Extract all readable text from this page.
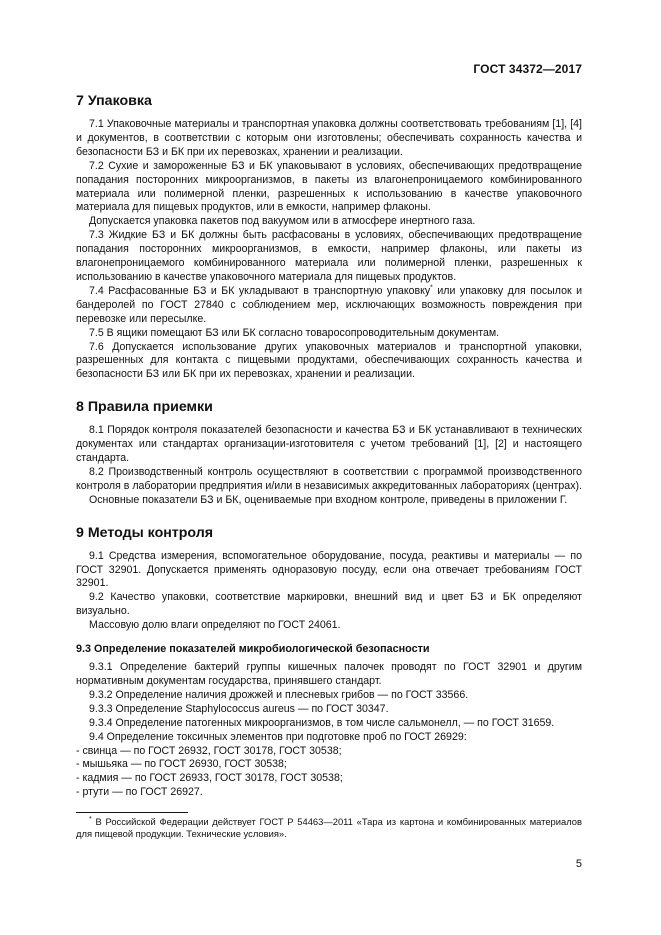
ГОСТ 34372—2017
7 Упаковка

7.1 Упаковочные материалы и транспортная упаковка должны соответствовать требованиям [1], [4] и документов, в соответствии с которым они изготовлены; обеспечивать сохранность качества и безопасности БЗ и БК при их перевозках, хранении и реализации.

7.2 Сухие и замороженные БЗ и БК упаковывают в условиях, обеспечивающих предотвращение попадания посторонних микроорганизмов, в пакеты из влагонепроницаемого комбинированного материала или полимерной пленки, разрешенных к использованию в качестве упаковочного материала для пищевых продуктов, или в емкости, например флаконы.

Допускается упаковка пакетов под вакуумом или в атмосфере инертного газа.

7.3 Жидкие БЗ и БК должны быть расфасованы в условиях, обеспечивающих предотвращение попадания посторонних микроорганизмов, в емкости, например флаконы, или пакеты из влагонепроницаемого комбинированного материала или полимерной пленки, разрешенных к использованию в качестве упаковочного материала для пищевых продуктов.

7.4 Расфасованные БЗ и БК укладывают в транспортную упаковку* или упаковку для посылок и бандеролей по ГОСТ 27840 с соблюдением мер, исключающих возможность повреждения при перевозке или пересылке.

7.5 В ящики помещают БЗ или БК согласно товаросопроводительным документам.

7.6 Допускается использование других упаковочных материалов и транспортной упаковки, разрешенных для контакта с пищевыми продуктами, обеспечивающих сохранность качества и безопасности БЗ или БК при их перевозках, хранении и реализации.

8 Правила приемки

8.1 Порядок контроля показателей безопасности и качества БЗ и БК устанавливают в технических документах или стандартах организации-изготовителя с учетом требований [1], [2] и настоящего стандарта.

8.2 Производственный контроль осуществляют в соответствии с программой производственного контроля в лаборатории предприятия и/или в независимых аккредитованных лабораториях (центрах).

Основные показатели БЗ и БК, оцениваемые при входном контроле, приведены в приложении Г.

9 Методы контроля

9.1 Средства измерения, вспомогательное оборудование, посуда, реактивы и материалы — по ГОСТ 32901. Допускается применять одноразовую посуду, если она отвечает требованиям ГОСТ 32901.

9.2 Качество упаковки, соответствие маркировки, внешний вид и цвет БЗ и БК определяют визуально.

Массовую долю влаги определяют по ГОСТ 24061.

9.3 Определение показателей микробиологической безопасности

9.3.1 Определение бактерий группы кишечных палочек проводят по ГОСТ 32901 и другим нормативным документам государства, принявшего стандарт.

9.3.2 Определение наличия дрожжей и плесневых грибов — по ГОСТ 33566.

9.3.3 Определение Staphylococcus aureus — по ГОСТ 30347.

9.3.4 Определение патогенных микроорганизмов, в том числе сальмонелл, — по ГОСТ 31659.

9.4 Определение токсичных элементов при подготовке проб по ГОСТ 26929:

- свинца — по ГОСТ 26932, ГОСТ 30178, ГОСТ 30538;
- мышьяка — по ГОСТ 26930, ГОСТ 30538;
- кадмия — по ГОСТ 26933, ГОСТ 30178, ГОСТ 30538;
- ртути — по ГОСТ 26927.
* В Российской Федерации действует ГОСТ Р 54463—2011 «Тара из картона и комбинированных материалов для пищевой продукции. Технические условия».
5
